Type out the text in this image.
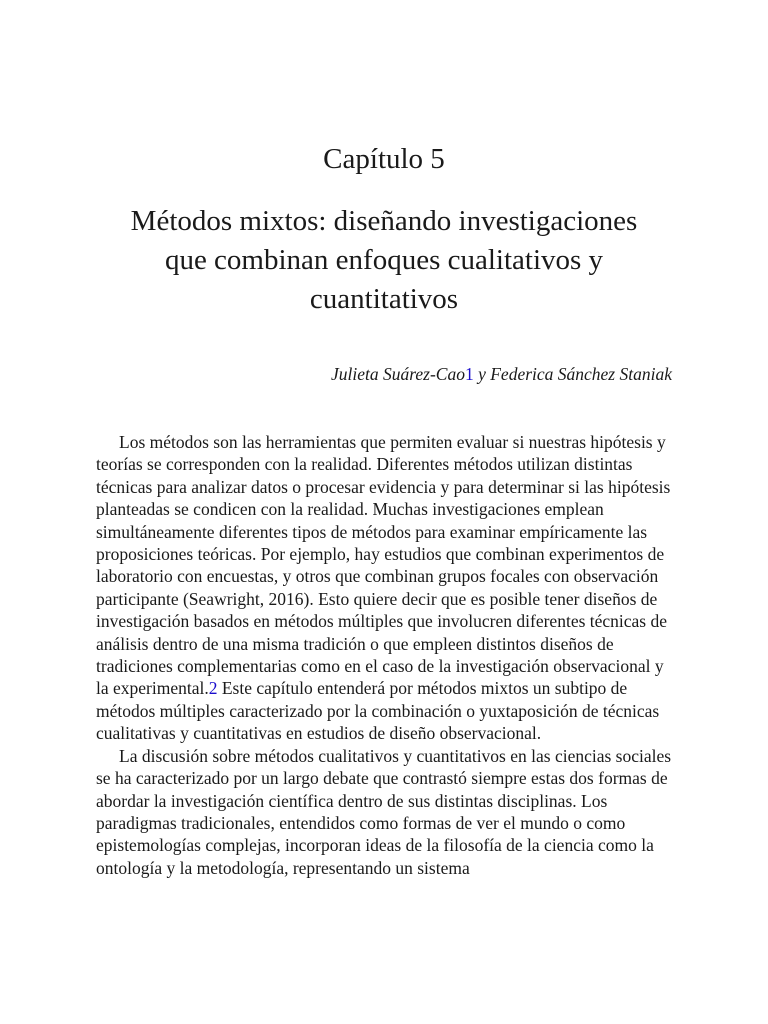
Capítulo 5
Métodos mixtos: diseñando investigaciones
que combinan enfoques cualitativos y
cuantitativos
Julieta Suárez-Cao1 y Federica Sánchez Staniak

Los métodos son las herramientas que permiten evaluar si nuestras hipótesis y teorías se corresponden con la realidad. Diferentes métodos utilizan distintas técnicas para analizar datos o procesar evidencia y para determinar si las hipótesis planteadas se condicen con la realidad. Muchas investigaciones emplean simultáneamente diferentes tipos de métodos para examinar empíricamente las proposiciones teóricas. Por ejemplo, hay estudios que combinan experimentos de laboratorio con encuestas, y otros que combinan grupos focales con observación participante (Seawright, 2016). Esto quiere decir que es posible tener diseños de investigación basados en métodos múltiples que involucren diferentes técnicas de análisis dentro de una misma tradición o que empleen distintos diseños de tradiciones complementarias como en el caso de la investigación observacional y la experimental.2 Este capítulo entenderá por métodos mixtos un subtipo de métodos múltiples caracterizado por la combinación o yuxtaposición de técnicas cualitativas y cuantitativas en estudios de diseño observacional.

La discusión sobre métodos cualitativos y cuantitativos en las ciencias sociales se ha caracterizado por un largo debate que contrastó siempre estas dos formas de abordar la investigación científica dentro de sus distintas disciplinas. Los paradigmas tradicionales, entendidos como formas de ver el mundo o como epistemologías complejas, incorporan ideas de la filosofía de la ciencia como la ontología y la metodología, representando un sistema
